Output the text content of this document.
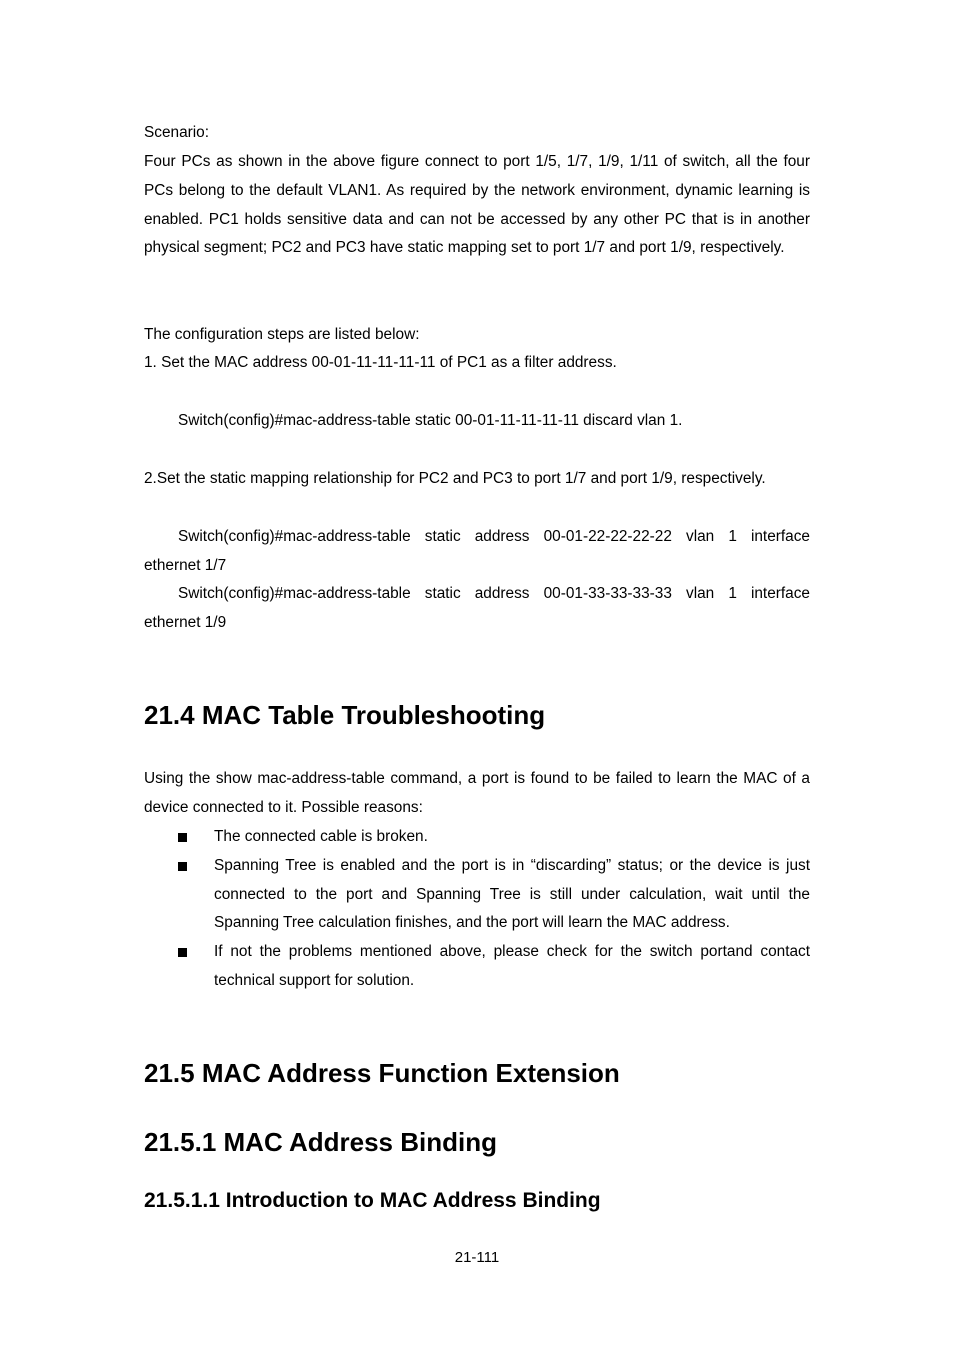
Scenario:

Four PCs as shown in the above figure connect to port 1/5, 1/7, 1/9, 1/11 of switch, all the four PCs belong to the default VLAN1. As required by the network environment, dynamic learning is enabled. PC1 holds sensitive data and can not be accessed by any other PC that is in another physical segment; PC2 and PC3 have static mapping set to port 1/7 and port 1/9, respectively.

The configuration steps are listed below:

1. Set the MAC address 00-01-11-11-11-11 of PC1 as a filter address.

Switch(config)#mac-address-table static 00-01-11-11-11-11 discard vlan 1.

2.Set the static mapping relationship for PC2 and PC3 to port 1/7 and port 1/9, respectively.

Switch(config)#mac-address-table static address 00-01-22-22-22-22 vlan 1 interface ethernet 1/7

Switch(config)#mac-address-table static address 00-01-33-33-33-33 vlan 1 interface ethernet 1/9

21.4 MAC Table Troubleshooting

Using the show mac-address-table command, a port is found to be failed to learn the MAC of a device connected to it. Possible reasons:

The connected cable is broken.
Spanning Tree is enabled and the port is in “discarding” status; or the device is just connected to the port and Spanning Tree is still under calculation, wait until the Spanning Tree calculation finishes, and the port will learn the MAC address.
If not the problems mentioned above, please check for the switch portand contact technical support for solution.
21.5 MAC Address Function Extension
21.5.1 MAC Address Binding
21.5.1.1 Introduction to MAC Address Binding
21-111
